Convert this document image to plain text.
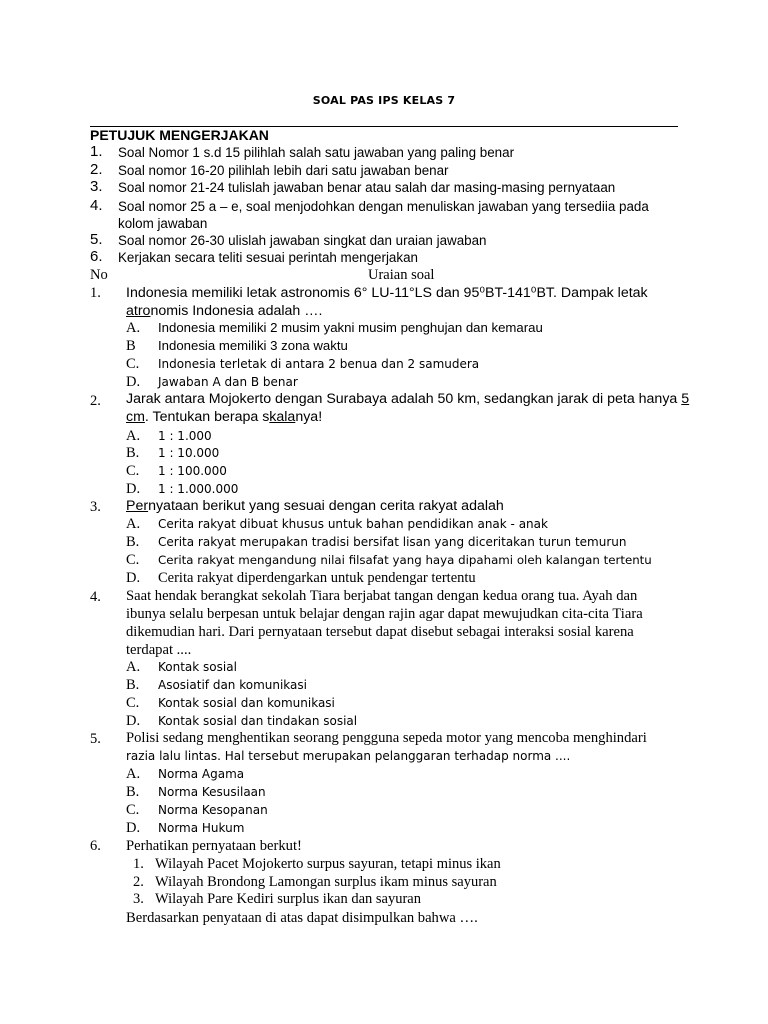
SOAL PAS IPS KELAS 7
PETUJUK MENGERJAKAN
1. Soal Nomor 1 s.d 15 pilihlah salah satu jawaban yang paling benar
2. Soal nomor 16-20 pilihlah lebih dari satu jawaban benar
3. Soal nomor 21-24 tulislah jawaban benar atau salah dar masing-masing pernyataan
4. Soal nomor 25 a – e, soal menjodohkan dengan menuliskan jawaban yang tersediia pada
kolom jawaban
5. Soal nomor 26-30 ulislah jawaban singkat dan uraian jawaban
6. Kerjakan secara teliti sesuai perintah mengerjakan
No	Uraian soal
1. Indonesia memiliki letak astronomis 6° LU-11°LS dan 95⁰BT-141⁰BT. Dampak letak
atronomis Indonesia adalah ….
A. Indonesia memiliki 2 musim yakni musim penghujan dan kemarau
B Indonesia memiliki 3 zona waktu
C. Indonesia terletak di antara 2 benua dan 2 samudera
D. Jawaban A dan B benar
2. Jarak antara Mojokerto dengan Surabaya adalah 50 km, sedangkan jarak di peta hanya 5
cm. Tentukan berapa skalanya!
A. 1 : 1.000
B. 1 : 10.000
C. 1 : 100.000
D. 1 : 1.000.000
3. Pernyataan berikut yang sesuai dengan cerita rakyat adalah
A. Cerita rakyat dibuat khusus untuk bahan pendidikan anak - anak
B. Cerita rakyat merupakan tradisi bersifat lisan yang diceritakan turun temurun
C. Cerita rakyat mengandung nilai filsafat yang haya dipahami oleh kalangan tertentu
D. Cerita rakyat diperdengarkan untuk pendengar tertentu
4. Saat hendak berangkat sekolah Tiara berjabat tangan dengan kedua orang tua. Ayah dan
ibunya selalu berpesan untuk belajar dengan rajin agar dapat mewujudkan cita-cita Tiara
dikemudian hari. Dari pernyataan tersebut dapat disebut sebagai interaksi sosial karena
terdapat ....
A. Kontak sosial
B. Asosiatif dan komunikasi
C. Kontak sosial dan komunikasi
D. Kontak sosial dan tindakan sosial
5. Polisi sedang menghentikan seorang pengguna sepeda motor yang mencoba menghindari
razia lalu lintas. Hal tersebut merupakan pelanggaran terhadap norma ....
A. Norma Agama
B. Norma Kesusilaan
C. Norma Kesopanan
D. Norma Hukum
6. Perhatikan pernyataan berkut!
1. Wilayah Pacet Mojokerto surpus sayuran, tetapi minus ikan
2. Wilayah Brondong Lamongan surplus ikam minus sayuran
3. Wilayah Pare Kediri surplus ikan dan sayuran
Berdasarkan penyataan di atas dapat disimpulkan bahwa ….
